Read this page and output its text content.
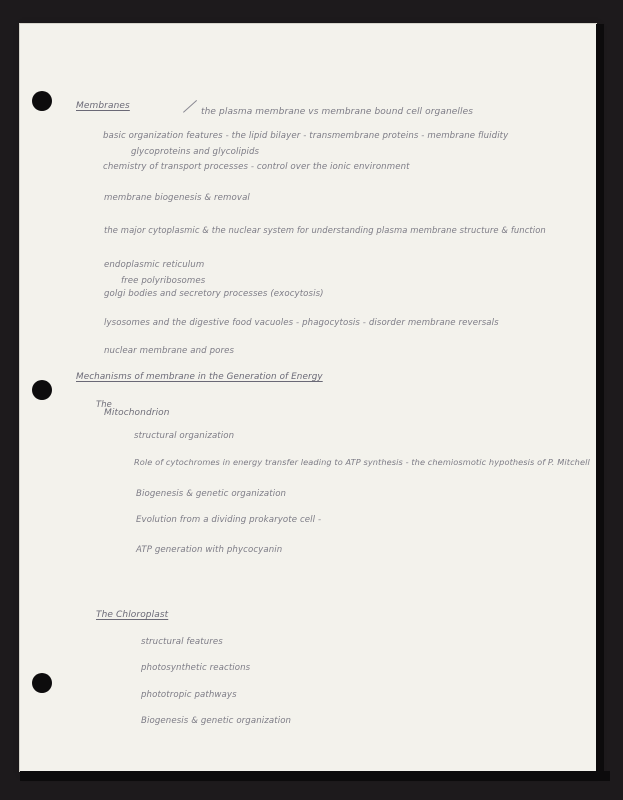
Membranes
the plasma membrane vs membrane bound cell organelles
basic organization features - the lipid bilayer - transmembrane proteins - membrane fluidity
glycoproteins and glycolipids
chemistry of transport processes - control over the ionic environment
membrane biogenesis & removal
the major cytoplasmic & the nuclear system for understanding plasma membrane structure & function
endoplasmic reticulum
free polyribosomes
golgi bodies and secretory processes (exocytosis)
lysosomes and the digestive food vacuoles - phagocytosis - disorder membrane reversals
nuclear membrane and pores
Mechanisms of membrane in the Generation of Energy
The
Mitochondrion
structural organization
Role of cytochromes in energy transfer leading to ATP synthesis - the chemiosmotic hypothesis of P. Mitchell
Biogenesis & genetic organization
Evolution from a dividing prokaryote cell -
ATP generation with phycocyanin
The Chloroplast
structural features
photosynthetic reactions
phototropic pathways
Biogenesis & genetic organization
